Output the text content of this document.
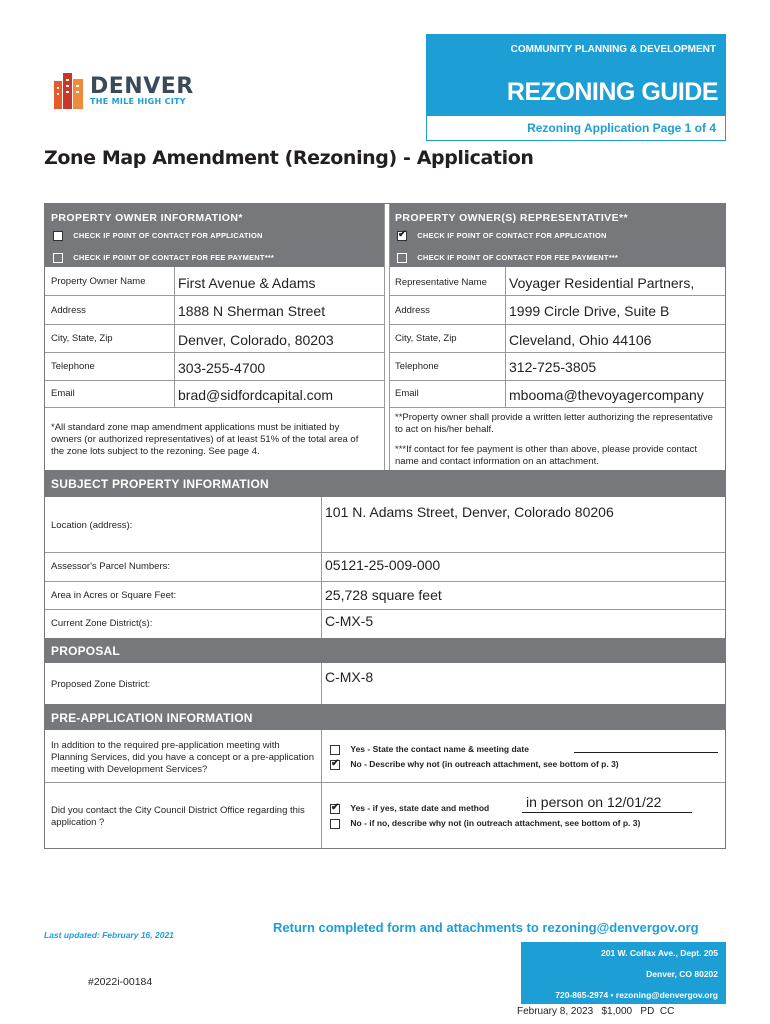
DENVER
THE MILE HIGH CITY
COMMUNITY PLANNING & DEVELOPMENT
REZONING GUIDE
Rezoning Application Page 1 of 4
Zone Map Amendment (Rezoning) - Application
PROPERTY OWNER INFORMATION*
CHECK IF POINT OF CONTACT FOR APPLICATION
CHECK IF POINT OF CONTACT FOR FEE PAYMENT***
PROPERTY OWNER(S) REPRESENTATIVE**
✔ CHECK IF POINT OF CONTACT FOR APPLICATION
CHECK IF POINT OF CONTACT FOR FEE PAYMENT***
Property Owner Name First Avenue & Adams
Address	1888 N Sherman Street
City, State, Zip	Denver, Colorado, 80203
Telephone	303-255-4700
Email	brad@sidfordcapital.com
*All standard zone map amendment applications must be initiated by owners (or authorized representatives) of at least 51% of the total area of the zone lots subject to the rezoning. See page 4.
Representative Name Voyager Residential Partners,
Address	1999 Circle Drive, Suite B
City, State, Zip	Cleveland, Ohio 44106
Telephone	312-725-3805
Email	mbooma@thevoyagercompany
**Property owner shall provide a written letter authorizing the representative to act on his/her behalf.
***If contact for fee payment is other than above, please provide contact name and contact information on an attachment.
SUBJECT PROPERTY INFORMATION
Location (address):
101 N. Adams Street, Denver, Colorado 80206
Assessor's Parcel Numbers:	05121-25-009-000
Area in Acres or Square Feet:	25,728 square feet
Current Zone District(s):	C-MX-5
PROPOSAL
Proposed Zone District:	C-MX-8
PRE-APPLICATION INFORMATION
In addition to the required pre-application meeting with Planning Services, did you have a concept or a pre-application meeting with Development Services?
Yes - State the contact name & meeting date
✔ No - Describe why not (in outreach attachment, see bottom of p. 3)
Did you contact the City Council District Office regarding this application ?
✔ Yes - if yes, state date and method	in person on 12/01/22
No - if no, describe why not (in outreach attachment, see bottom of p. 3)
Last updated: February 16, 2021	Return completed form and attachments to rezoning@denvergov.org
201 W. Colfax Ave., Dept. 205
Denver, CO 80202
720-865-2974 • rezoning@denvergov.org
#2022i-00184
February 8, 2023   $1,000   PD  CC
